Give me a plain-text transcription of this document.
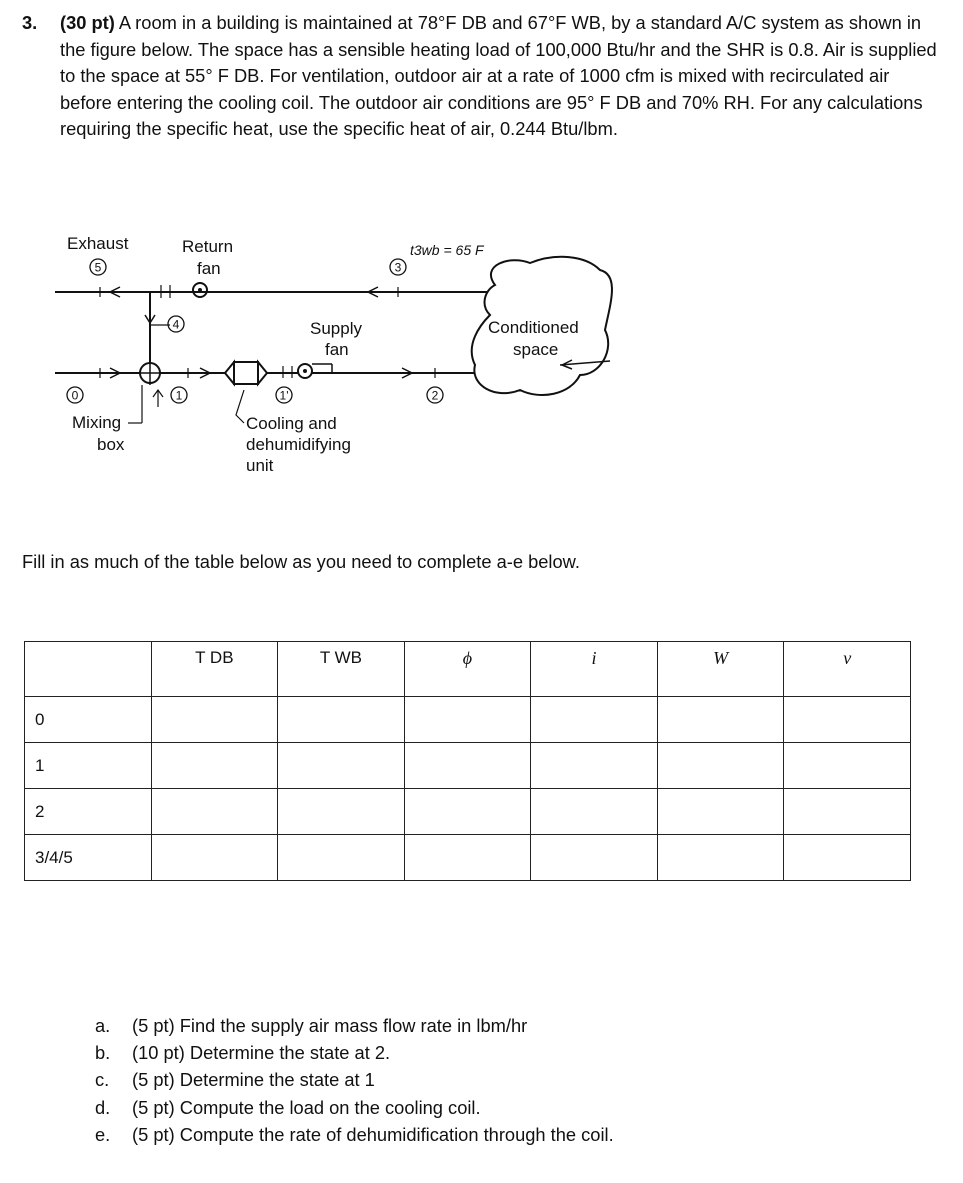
3. (30 pt) A room in a building is maintained at 78°F DB and 67°F WB, by a standard A/C system as shown in the figure below. The space has a sensible heating load of 100,000 Btu/hr and the SHR is 0.8. Air is supplied to the space at 55° F DB. For ventilation, outdoor air at a rate of 1000 cfm is mixed with recirculated air before entering the cooling coil. The outdoor air conditions are 95° F DB and 70% RH. For any calculations requiring the specific heat, use the specific heat of air, 0.244 Btu/lbm.
5	3
4
0	1	1'	2
Exhaust	Return
fan
t3wb = 65 F
Supply
fan
Conditioned
space
Mixing
box
Cooling and
dehumidifying
unit
Fill in as much of the table below as you need to complete a-e below.
	T DB	T WB	ϕ	i	W	v
0						
1						
2						
3/4/5						
a. (5 pt) Find the supply air mass flow rate in lbm/hr
b. (10 pt) Determine the state at 2.
c. (5 pt) Determine the state at 1
d. (5 pt) Compute the load on the cooling coil.
e. (5 pt) Compute the rate of dehumidification through the coil.
